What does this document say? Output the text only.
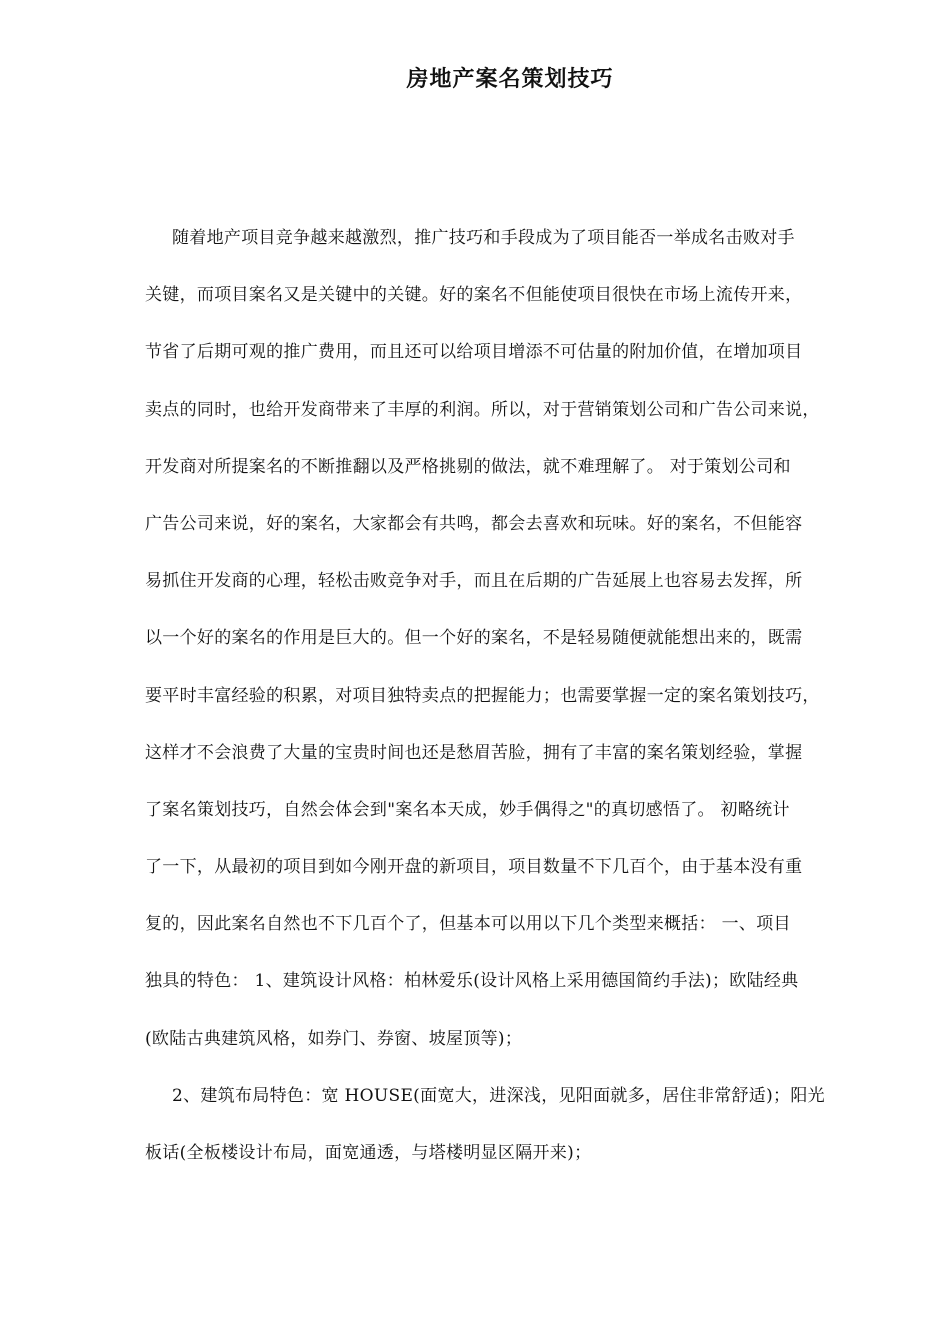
房地产案名策划技巧
随着地产项目竞争越来越激烈，推广技巧和手段成为了项目能否一举成名击败对手
关键，而项目案名又是关键中的关键。好的案名不但能使项目很快在市场上流传开来，
节省了后期可观的推广费用，而且还可以给项目增添不可估量的附加价值，在增加项目
卖点的同时，也给开发商带来了丰厚的利润。所以，对于营销策划公司和广告公司来说，
开发商对所提案名的不断推翻以及严格挑剔的做法，就不难理解了。 对于策划公司和
广告公司来说，好的案名，大家都会有共鸣，都会去喜欢和玩味。好的案名，不但能容
易抓住开发商的心理，轻松击败竞争对手，而且在后期的广告延展上也容易去发挥，所
以一个好的案名的作用是巨大的。但一个好的案名，不是轻易随便就能想出来的，既需
要平时丰富经验的积累，对项目独特卖点的把握能力；也需要掌握一定的案名策划技巧，
这样才不会浪费了大量的宝贵时间也还是愁眉苦脸，拥有了丰富的案名策划经验，掌握
了案名策划技巧，自然会体会到"案名本天成，妙手偶得之"的真切感悟了。 初略统计
了一下，从最初的项目到如今刚开盘的新项目，项目数量不下几百个，由于基本没有重
复的，因此案名自然也不下几百个了，但基本可以用以下几个类型来概括： 一、项目
独具的特色： 1、建筑设计风格：柏林爱乐(设计风格上采用德国简约手法)；欧陆经典
(欧陆古典建筑风格，如券门、券窗、坡屋顶等)；
2、建筑布局特色：宽 HOUSE(面宽大，进深浅，见阳面就多，居住非常舒适)；阳光
板话(全板楼设计布局，面宽通透，与塔楼明显区隔开来)；
